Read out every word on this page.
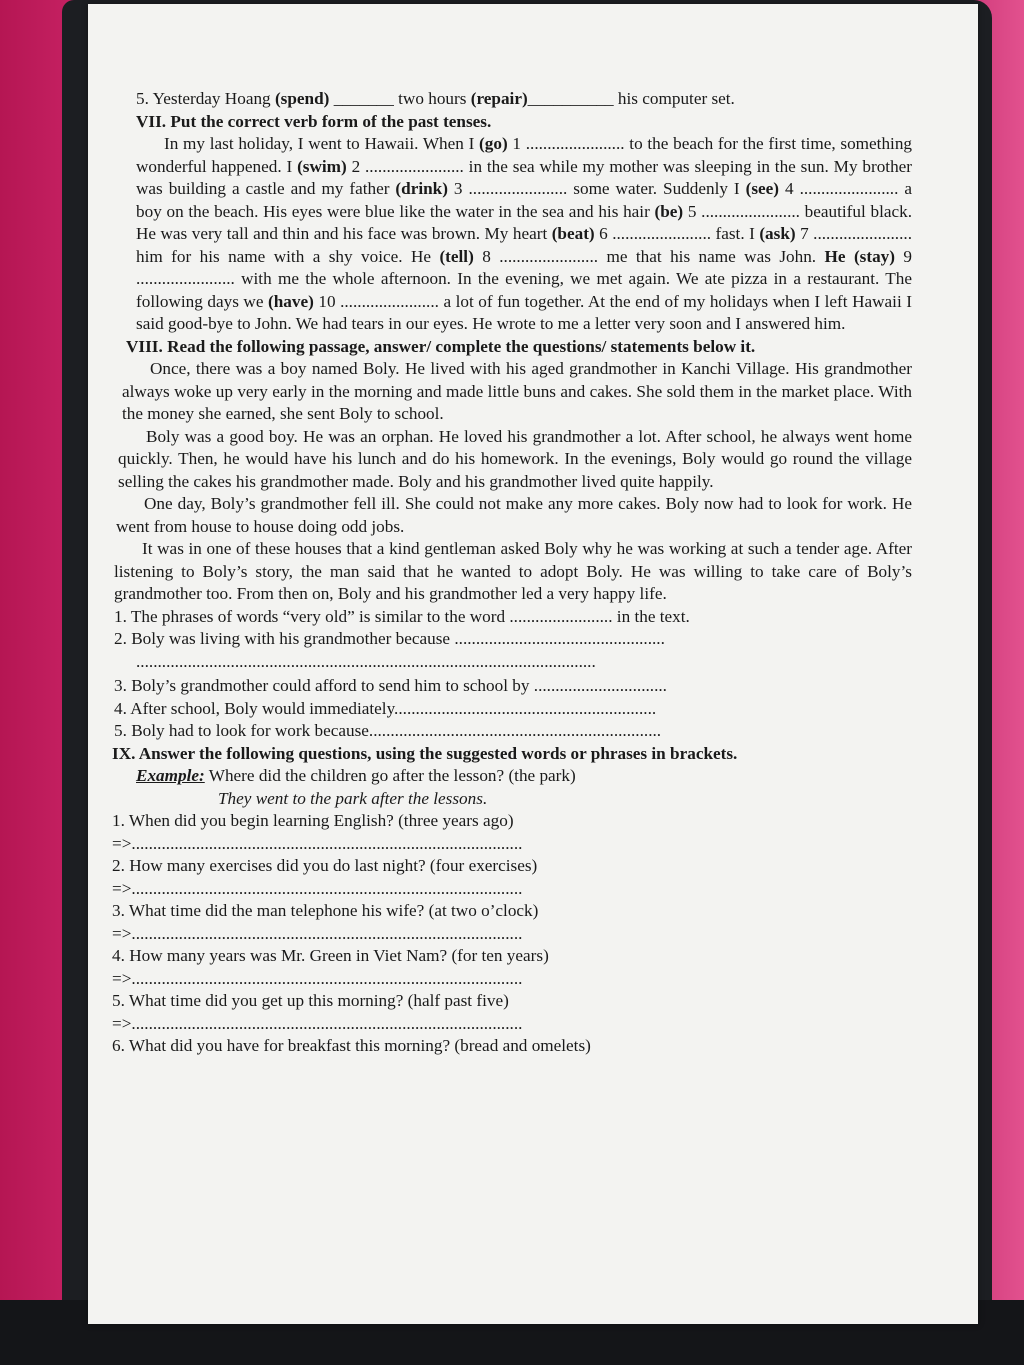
5. Yesterday Hoang (spend) _______ two hours (repair)__________ his computer set.

VII. Put the correct verb form of the past tenses.

In my last holiday, I went to Hawaii. When I (go) 1 ....................... to the beach for the first time, something wonderful happened. I (swim) 2 ....................... in the sea while my mother was sleeping in the sun. My brother was building a castle and my father (drink) 3 ....................... some water. Suddenly I (see) 4 ....................... a boy on the beach. His eyes were blue like the water in the sea and his hair (be) 5 ....................... beautiful black. He was very tall and thin and his face was brown. My heart (beat) 6 ....................... fast. I (ask) 7 ....................... him for his name with a shy voice. He (tell) 8 ....................... me that his name was John. He (stay) 9 ....................... with me the whole afternoon. In the evening, we met again. We ate pizza in a restaurant. The following days we (have) 10 ....................... a lot of fun together. At the end of my holidays when I left Hawaii I said good-bye to John. We had tears in our eyes. He wrote to me a letter very soon and I answered him.

VIII. Read the following passage, answer/ complete the questions/ statements below it.

Once, there was a boy named Boly. He lived with his aged grandmother in Kanchi Village. His grandmother always woke up very early in the morning and made little buns and cakes. She sold them in the market place. With the money she earned, she sent Boly to school.

Boly was a good boy. He was an orphan. He loved his grandmother a lot. After school, he always went home quickly. Then, he would have his lunch and do his homework. In the evenings, Boly would go round the village selling the cakes his grandmother made. Boly and his grandmother lived quite happily.

One day, Boly’s grandmother fell ill. She could not make any more cakes. Boly now had to look for work. He went from house to house doing odd jobs.

It was in one of these houses that a kind gentleman asked Boly why he was working at such a tender age. After listening to Boly’s story, the man said that he wanted to adopt Boly. He was willing to take care of Boly’s grandmother too. From then on, Boly and his grandmother led a very happy life.

1. The phrases of words “very old” is similar to the word ........................ in the text.

2. Boly was living with his grandmother because .................................................

...........................................................................................................

3. Boly’s grandmother could afford to send him to school by ...............................

4. After school, Boly would immediately.............................................................

5. Boly had to look for work because....................................................................

IX. Answer the following questions, using the suggested words or phrases in brackets.

Example: Where did the children go after the lesson? (the park)

They went to the park after the lessons.

1. When did you begin learning English? (three years ago)

=>...........................................................................................

2. How many exercises did you do last night? (four exercises)

=>...........................................................................................

3. What time did the man telephone his wife? (at two o’clock)

=>...........................................................................................

4. How many years was Mr. Green in Viet Nam? (for ten years)

=>...........................................................................................

5. What time did you get up this morning? (half past five)

=>...........................................................................................

6. What did you have for breakfast this morning? (bread and omelets)
